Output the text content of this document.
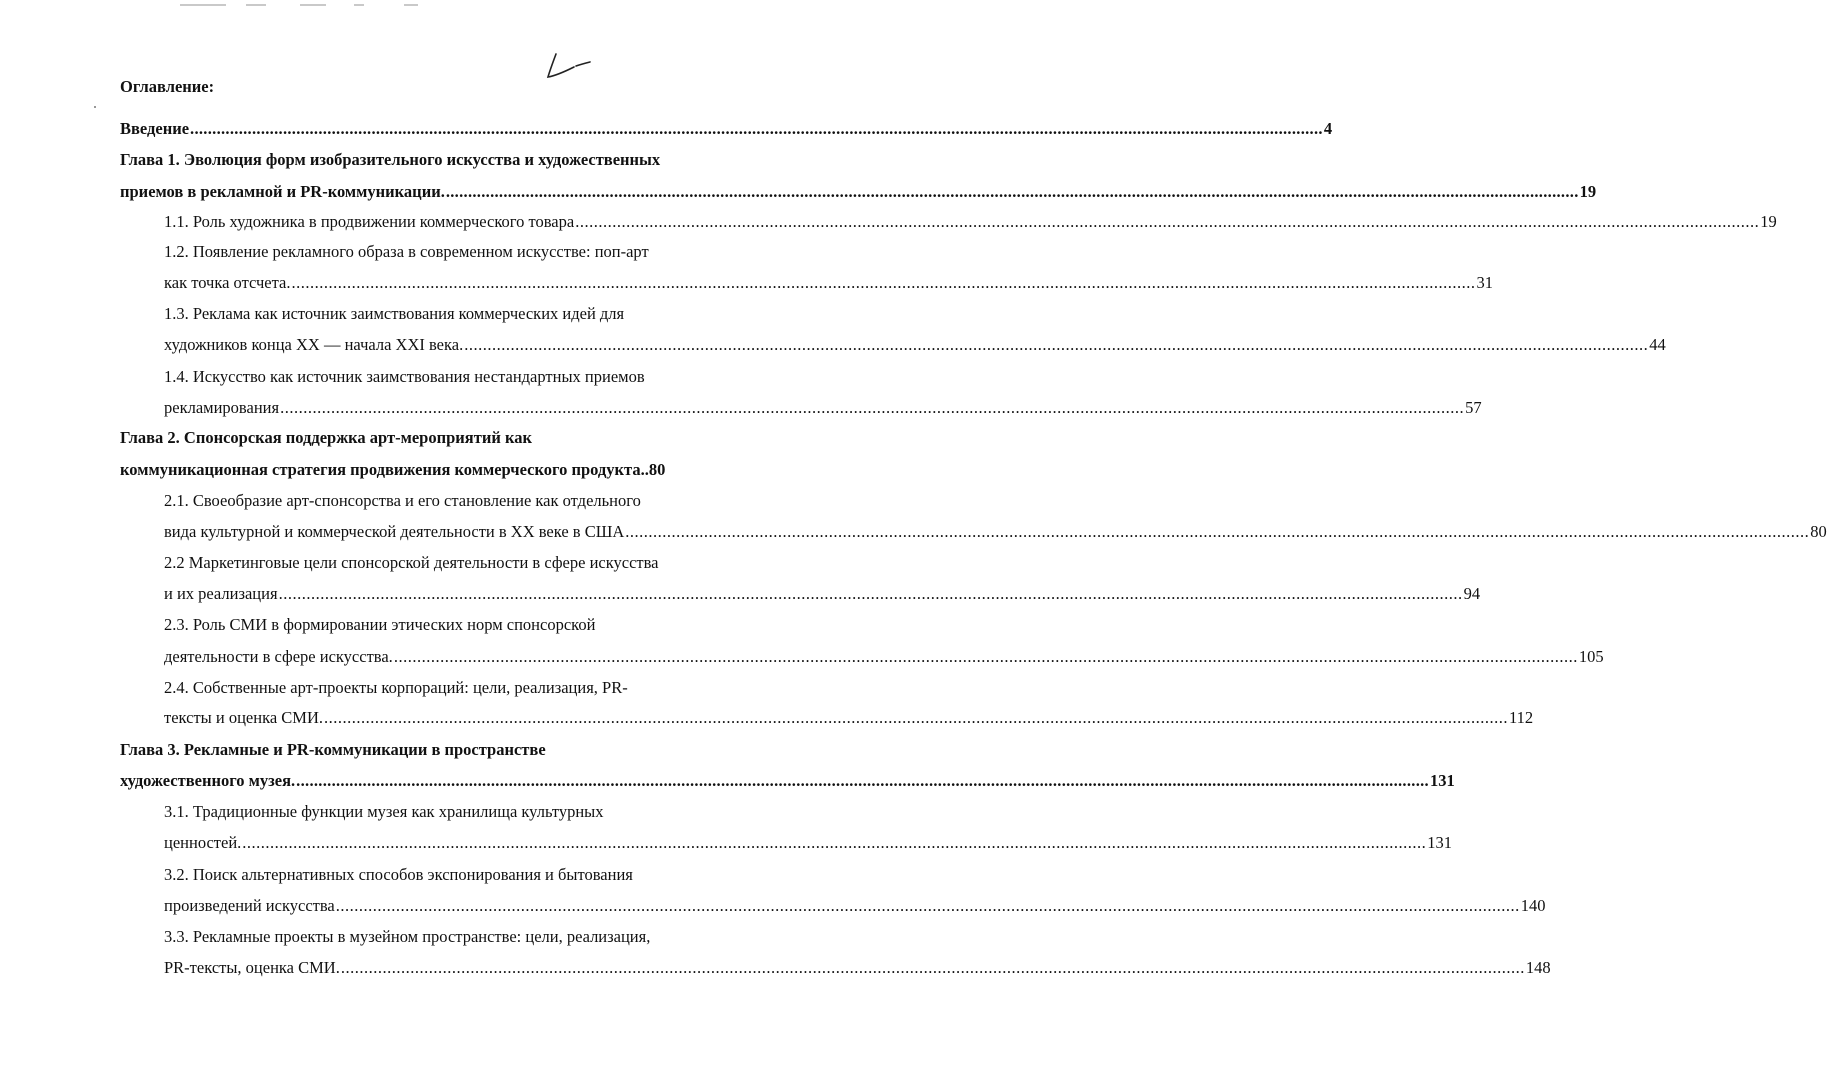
Оглавление:
Введение .....	4
Глава 1. Эволюция форм изобразительного искусства и художественных
приемов в рекламной и PR-коммуникации. .....	19
1.1. Роль художника в продвижении коммерческого товара .....	19
1.2. Появление рекламного образа в современном искусстве: поп-арт
как точка отсчета. .....	31
1.3. Реклама как источник заимствования коммерческих идей для
художников конца XX — начала XXI века. .....	44
1.4. Искусство как источник заимствования нестандартных приемов
рекламирования .....	57
Глава 2. Спонсорская поддержка арт-мероприятий как
коммуникационная стратегия продвижения коммерческого продукта.. 80
2.1. Своеобразие арт-спонсорства и его становление как отдельного
вида культурной и коммерческой деятельности в XX веке в США .....	80
2.2 Маркетинговые цели спонсорской деятельности в сфере искусства
и их реализация .....	94
2.3. Роль СМИ в формировании этических норм спонсорской
деятельности в сфере искусства. .....	105
2.4. Собственные арт-проекты корпораций: цели, реализация, PR-
тексты и оценка СМИ. .....	112
Глава 3. Рекламные и PR-коммуникации в пространстве
художественного музея. .....	131
3.1. Традиционные функции музея как хранилища культурных
ценностей. .....	131
3.2. Поиск альтернативных способов экспонирования и бытования
произведений искусства .....	140
3.3. Рекламные проекты в музейном пространстве: цели, реализация,
PR-тексты, оценка СМИ. .....	148
